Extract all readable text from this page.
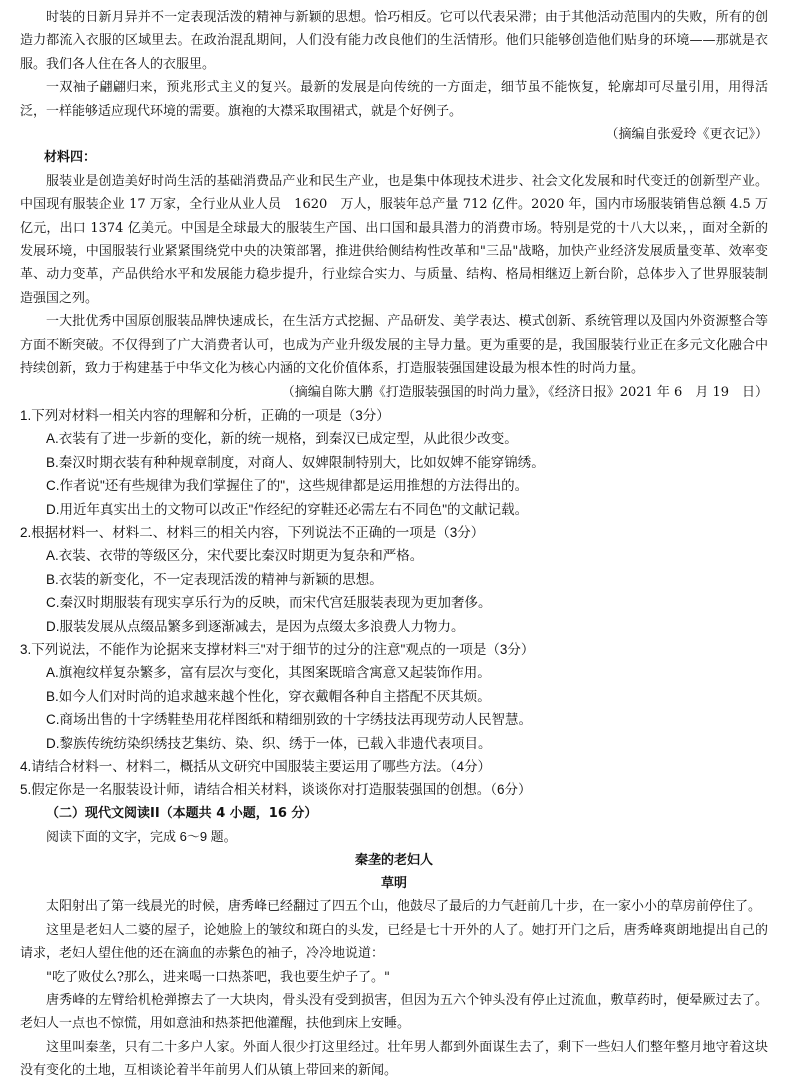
时装的日新月异并不一定表现活泼的精神与新颖的思想。恰巧相反。它可以代表呆滞；由于其他活动范围内的失败，所有的创造力都流入衣服的区域里去。在政治混乱期间，人们没有能力改良他们的生活情形。他们只能够创造他们贴身的环境——那就是衣服。我们各人住在各人的衣服里。

一双袖子翩翩归来，预兆形式主义的复兴。最新的发展是向传统的一方面走，细节虽不能恢复，轮廓却可尽量引用，用得活泛，一样能够适应现代环境的需要。旗袍的大襟采取围裙式，就是个好例子。

（摘编自张爱玲《更衣记》）

材料四：

服装业是创造美好时尚生活的基础消费品产业和民生产业，也是集中体现技术进步、社会文化发展和时代变迁的创新型产业。中国现有服装企业 17 万家，全行业从业人员　1620　万人，服装年总产量 712 亿件。2020 年，国内市场服装销售总额 4.5 万亿元，出口 1374 亿美元。中国是全球最大的服装生产国、出口国和最具潜力的消费市场。特别是党的十八大以来，，面对全新的发展环境，中国服装行业紧紧围绕党中央的决策部署，推进供给侧结构性改革和"三品"战略，加快产业经济发展质量变革、效率变革、动力变革，产品供给水平和发展能力稳步提升，行业综合实力、与质量、结构、格局相继迈上新台阶，总体步入了世界服装制造强国之列。

一大批优秀中国原创服装品牌快速成长，在生活方式挖掘、产品研发、美学表达、模式创新、系统管理以及国内外资源整合等方面不断突破。不仅得到了广大消费者认可，也成为产业升级发展的主导力量。更为重要的是，我国服装行业正在多元文化融合中持续创新，致力于构建基于中华文化为核心内涵的文化价值体系，打造服装强国建设最为根本性的时尚力量。

（摘编自陈大鹏《打造服装强国的时尚力量》，《经济日报》2021 年 6　月 19　日）

1.下列对材料一相关内容的理解和分析，正确的一项是（3分）

A.衣装有了进一步新的变化，新的统一规格，到秦汉已成定型，从此很少改变。

B.秦汉时期衣装有种种规章制度，对商人、奴婢限制特别大，比如奴婢不能穿锦绣。

C.作者说"还有些规律为我们掌握住了的"，这些规律都是运用推想的方法得出的。

D.用近年真实出土的文物可以改正"作经纪的穿鞋还必需左右不同色"的文献记载。

2.根据材料一、材料二、材料三的相关内容，下列说法不正确的一项是（3分）

A.衣装、衣带的等级区分，宋代要比秦汉时期更为复杂和严格。

B.衣装的新变化，不一定表现活泼的精神与新颖的思想。

C.秦汉时期服装有现实享乐行为的反映，而宋代宫廷服装表现为更加奢侈。

D.服装发展从点缀品繁多到逐渐减去，是因为点缀太多浪费人力物力。

3.下列说法，不能作为论据来支撑材料三"对于细节的过分的注意"观点的一项是（3分）

A.旗袍纹样复杂繁多，富有层次与变化，其图案既暗含寓意又起装饰作用。

B.如今人们对时尚的追求越来越个性化，穿衣戴帽各种自主搭配不厌其烦。

C.商场出售的十字绣鞋垫用花样图纸和精细别致的十字绣技法再现劳动人民智慧。

D.黎族传统纺染织绣技艺集纺、染、织、绣于一体，已载入非遗代表项目。

4.请结合材料一、材料二，概括从文研究中国服装主要运用了哪些方法。（4分）

5.假定你是一名服装设计师，请结合相关材料，谈谈你对打造服装强国的创想。（6分）

（二）现代文阅读II（本题共 4 小题，16 分）

阅读下面的文字，完成 6～9 题。

秦垄的老妇人

草明

太阳射出了第一线晨光的时候，唐秀峰已经翻过了四五个山，他鼓尽了最后的力气赶前几十步，在一家小小的草房前停住了。

这里是老妇人二婆的屋子，论她脸上的皱纹和斑白的头发，已经是七十开外的人了。她打开门之后，唐秀峰爽朗地提出自己的请求，老妇人望住他的还在滴血的赤紫色的袖子，冷冷地说道：

"吃了败仗么?那么，进来喝一口热茶吧，我也要生炉子了。"

唐秀峰的左臂给机枪弹擦去了一大块肉，骨头没有受到损害，但因为五六个钟头没有停止过流血，敷草药时，便晕厥过去了。老妇人一点也不惊慌，用如意油和热茶把他灌醒，扶他到床上安睡。

这里叫秦垄，只有二十多户人家。外面人很少打这里经过。壮年男人都到外面谋生去了，剩下一些妇人们整年整月地守着这块没有变化的土地，互相谈论着半年前男人们从镇上带回来的新闻。
